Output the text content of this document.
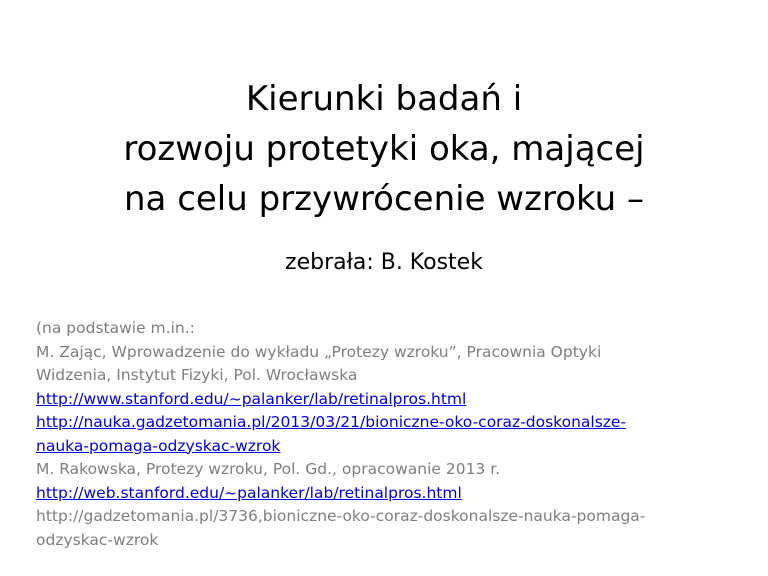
Kierunki badań i
rozwoju protetyki oka, mającej
na celu przywrócenie wzroku –

zebrała: B. Kostek

(na podstawie m.in.:
M. Zając, Wprowadzenie do wykładu „Protezy wzroku”, Pracownia Optyki
Widzenia, Instytut Fizyki, Pol. Wrocławska
http://www.stanford.edu/~palanker/lab/retinalpros.html
http://nauka.gadzetomania.pl/2013/03/21/bioniczne-oko-coraz-doskonalsze-
nauka-pomaga-odzyskac-wzrok
M. Rakowska, Protezy wzroku, Pol. Gd., opracowanie 2013 r.
http://web.stanford.edu/~palanker/lab/retinalpros.html
http://gadzetomania.pl/3736,bioniczne-oko-coraz-doskonalsze-nauka-pomaga-
odzyskac-wzrok
